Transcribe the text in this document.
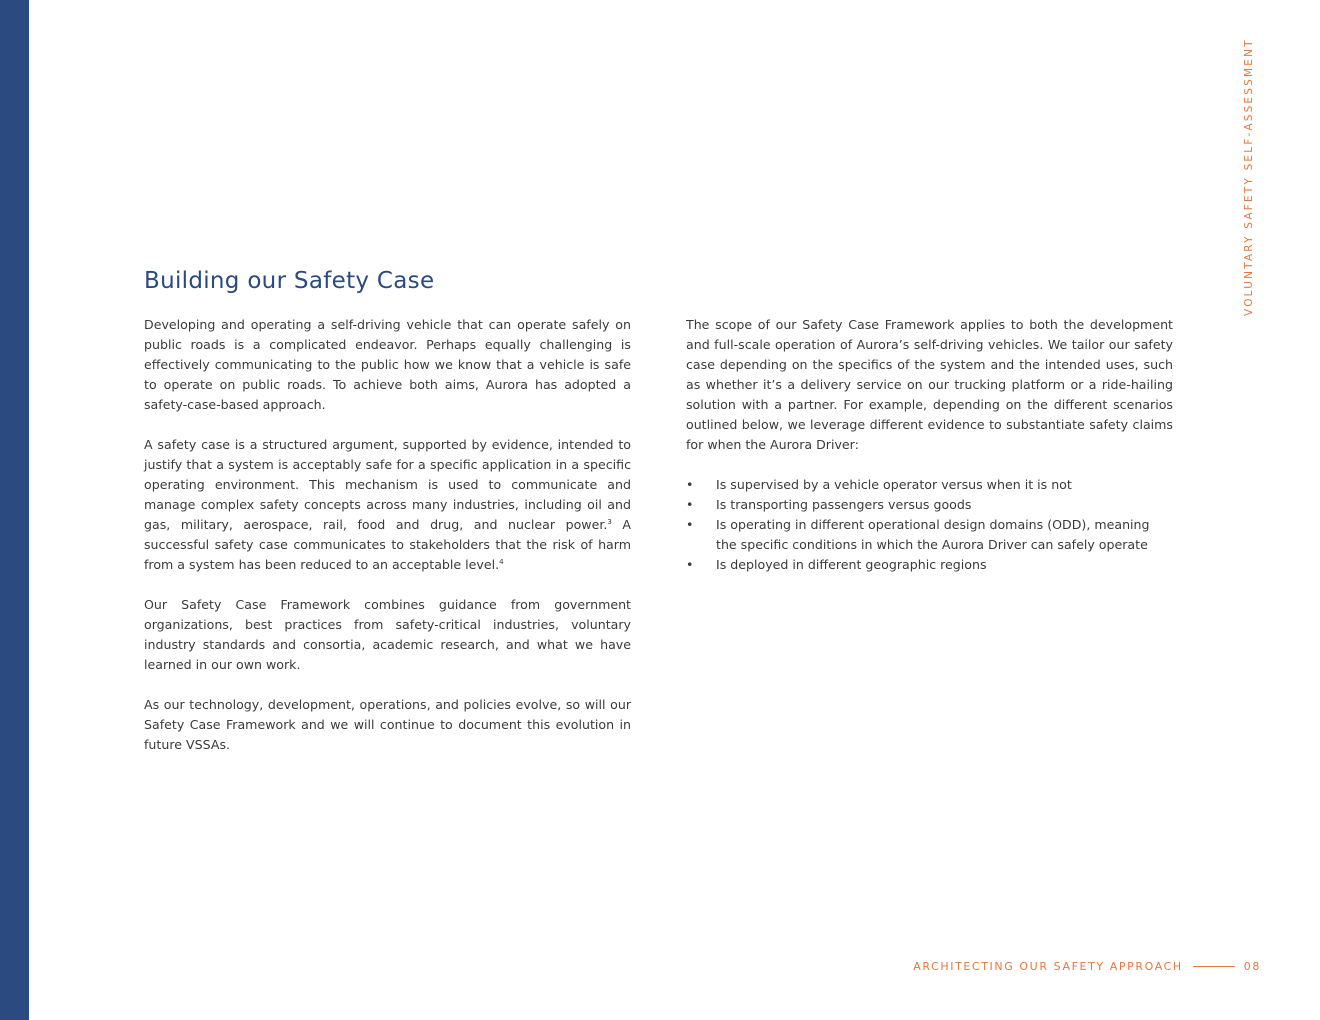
VOLUNTARY SAFETY SELF-ASSESSMENT
Building our Safety Case

Developing and operating a self-driving vehicle that can operate safely on public roads is a complicated endeavor. Perhaps equally challenging is effectively communicating to the public how we know that a vehicle is safe to operate on public roads. To achieve both aims, Aurora has adopted a safety-case-based approach.

A safety case is a structured argument, supported by evidence, intended to justify that a system is acceptably safe for a specific application in a specific operating environment. This mechanism is used to communicate and manage complex safety concepts across many industries, including oil and gas, military, aerospace, rail, food and drug, and nuclear power.$^3$ A successful safety case communicates to stakeholders that the risk of harm from a system has been reduced to an acceptable level.$^4$

Our Safety Case Framework combines guidance from government organizations, best practices from safety-critical industries, voluntary industry standards and consortia, academic research, and what we have learned in our own work.

As our technology, development, operations, and policies evolve, so will our Safety Case Framework and we will continue to document this evolution in future VSSAs.

The scope of our Safety Case Framework applies to both the development and full-scale operation of Aurora’s self-driving vehicles. We tailor our safety case depending on the specifics of the system and the intended uses, such as whether it’s a delivery service on our trucking platform or a ride-hailing solution with a partner. For example, depending on the different scenarios outlined below, we leverage different evidence to substantiate safety claims for when the Aurora Driver:

• Is supervised by a vehicle operator versus when it is not
• Is transporting passengers versus goods
• Is operating in different operational design domains (ODD), meaning the specific conditions in which the Aurora Driver can safely operate
• Is deployed in different geographic regions
ARCHITECTING OUR SAFETY APPROACH	08
